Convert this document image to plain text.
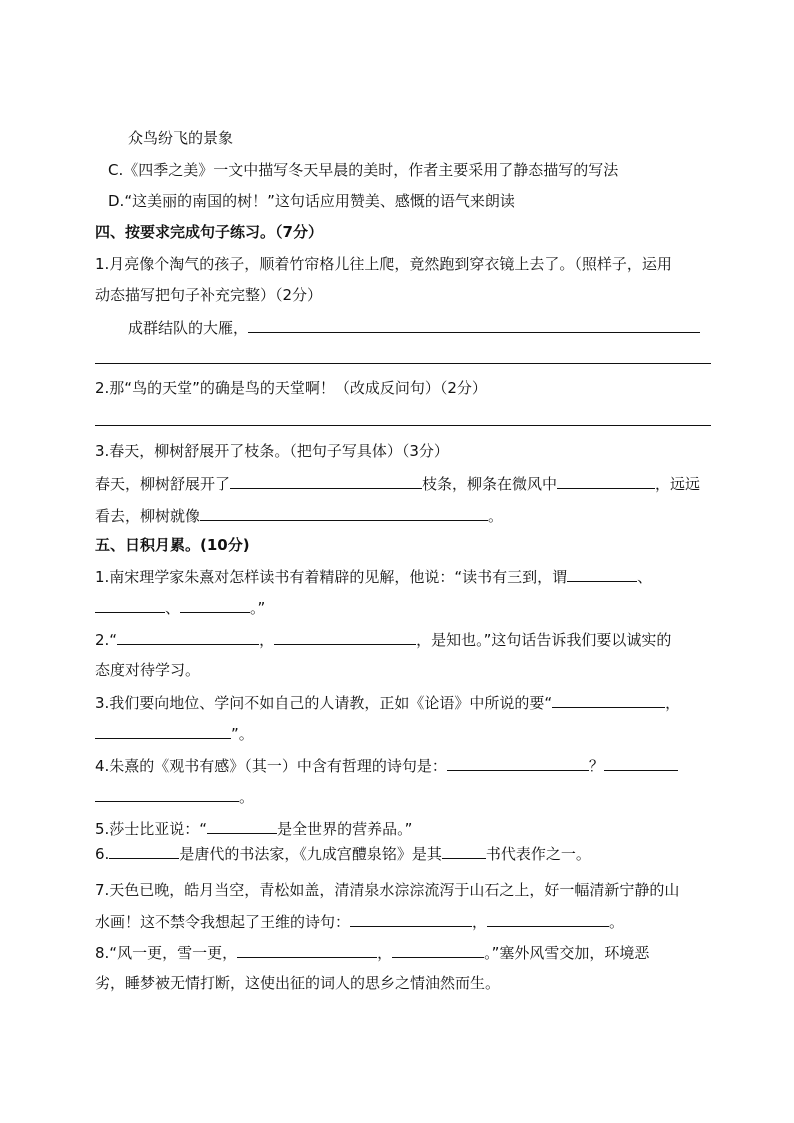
众鸟纷飞的景象
C.《四季之美》一文中描写冬天早晨的美时，作者主要采用了静态描写的写法
D.“这美丽的南国的树！”这句话应用赞美、感慨的语气来朗读
四、按要求完成句子练习。（7分）
1.月亮像个淘气的孩子，顺着竹帘格儿往上爬，竟然跑到穿衣镜上去了。（照样子，运用
动态描写把句子补充完整）（2分）
成群结队的大雁，
2.那“鸟的天堂”的确是鸟的天堂啊！（改成反问句）（2分）
3.春天，柳树舒展开了枝条。（把句子写具体）（3分）
春天，柳树舒展开了	枝条，柳条在微风中	，远远
看去，柳树就像	。
五、日积月累。(10分)
1.南宋理学家朱熹对怎样读书有着精辟的见解，他说：“读书有三到，谓	、
、	。”
2.“	，	，是知也。”这句话告诉我们要以诚实的
态度对待学习。
3.我们要向地位、学问不如自己的人请教，正如《论语》中所说的要“	，
”。
4.朱熹的《观书有感》（其一）中含有哲理的诗句是：	？
。
5.莎士比亚说：“	是全世界的营养品。”
6.	是唐代的书法家，《九成宫醴泉铭》是其	书代表作之一。
7.天色已晚，皓月当空，青松如盖，清清泉水淙淙流泻于山石之上，好一幅清新宁静的山
水画！这不禁令我想起了王维的诗句：	，	。
8.“风一更，雪一更，	，	。”塞外风雪交加，环境恶
劣，睡梦被无情打断，这使出征的词人的思乡之情油然而生。
